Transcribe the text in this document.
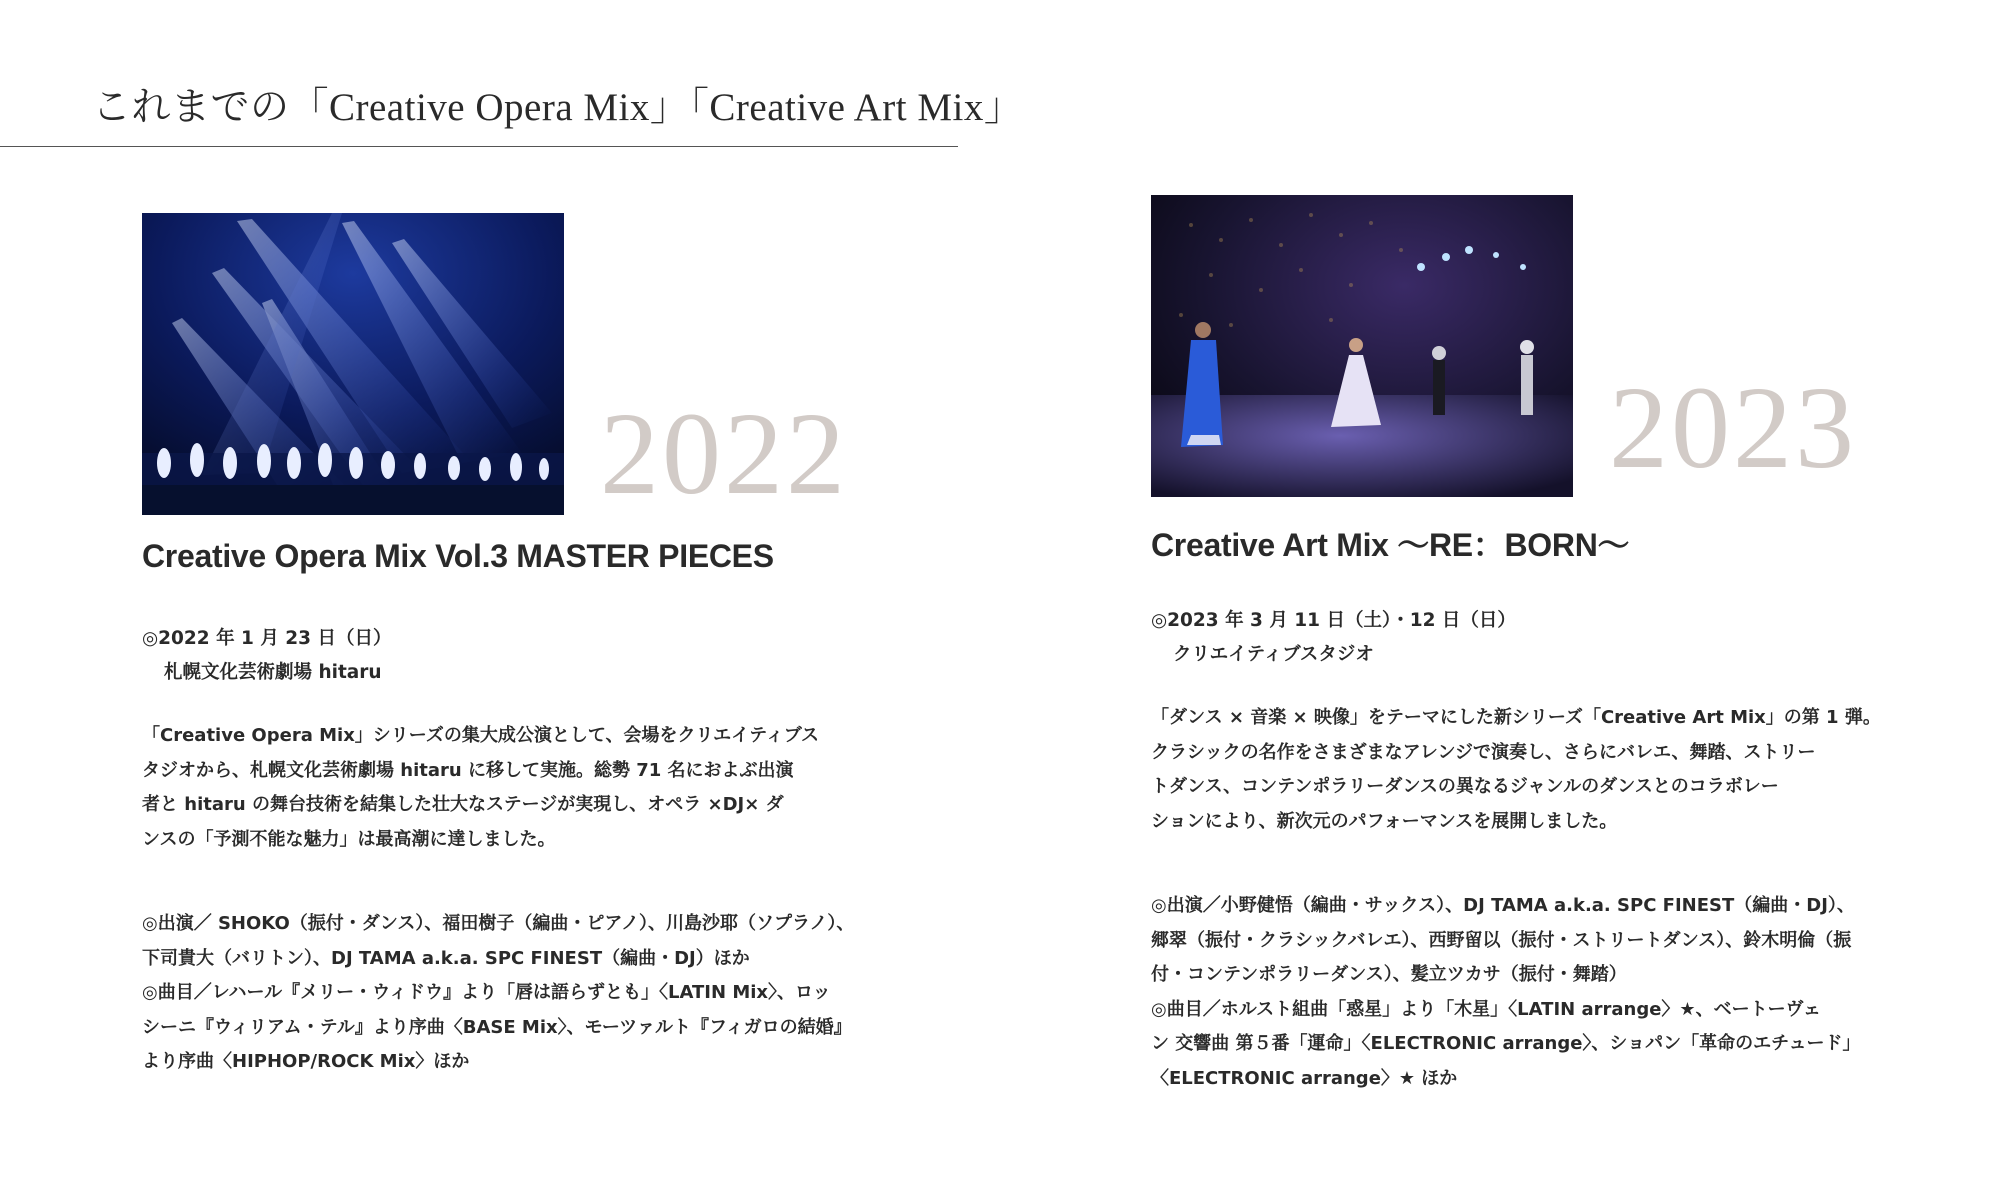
これまでの「Creative Opera Mix」「Creative Art Mix」
2022
Creative Opera Mix Vol.3 MASTER PIECES
◎2022 年 1 月 23 日（日）
札幌文化芸術劇場 hitaru
「Creative Opera Mix」シリーズの集大成公演として、会場をクリエイティブス
タジオから、札幌文化芸術劇場 hitaru に移して実施。総勢 71 名におよぶ出演
者と hitaru の舞台技術を結集した壮大なステージが実現し、オペラ ×DJ× ダ
ンスの「予測不能な魅力」は最高潮に達しました。
◎出演／ SHOKO（振付・ダンス）、福田樹子（編曲・ピアノ）、川島沙耶（ソプラノ）、
下司貴大（バリトン）、DJ TAMA a.k.a. SPC FINEST（編曲・DJ）ほか
◎曲目／レハール『メリー・ウィドウ』より「唇は語らずとも」〈LATIN Mix〉、ロッ
シーニ『ウィリアム・テル』より序曲〈BASE Mix〉、モーツァルト『フィガロの結婚』
より序曲〈HIPHOP/ROCK Mix〉ほか
2023
Creative Art Mix 〜RE：BORN〜
◎2023 年 3 月 11 日（土）・12 日（日）
クリエイティブスタジオ
「ダンス × 音楽 × 映像」をテーマにした新シリーズ「Creative Art Mix」の第 1 弾。
クラシックの名作をさまざまなアレンジで演奏し、さらにバレエ、舞踏、ストリー
トダンス、コンテンポラリーダンスの異なるジャンルのダンスとのコラボレー
ションにより、新次元のパフォーマンスを展開しました。
◎出演／小野健悟（編曲・サックス）、DJ TAMA a.k.a. SPC FINEST（編曲・DJ）、
郷翠（振付・クラシックバレエ）、西野留以（振付・ストリートダンス）、鈴木明倫（振
付・コンテンポラリーダンス）、髪立ツカサ（振付・舞踏）
◎曲目／ホルスト組曲「惑星」より「木星」〈LATIN arrange〉★、ベートーヴェ
ン 交響曲 第５番「運命」〈ELECTRONIC arrange〉、ショパン「革命のエチュード」
〈ELECTRONIC arrange〉★ ほか
